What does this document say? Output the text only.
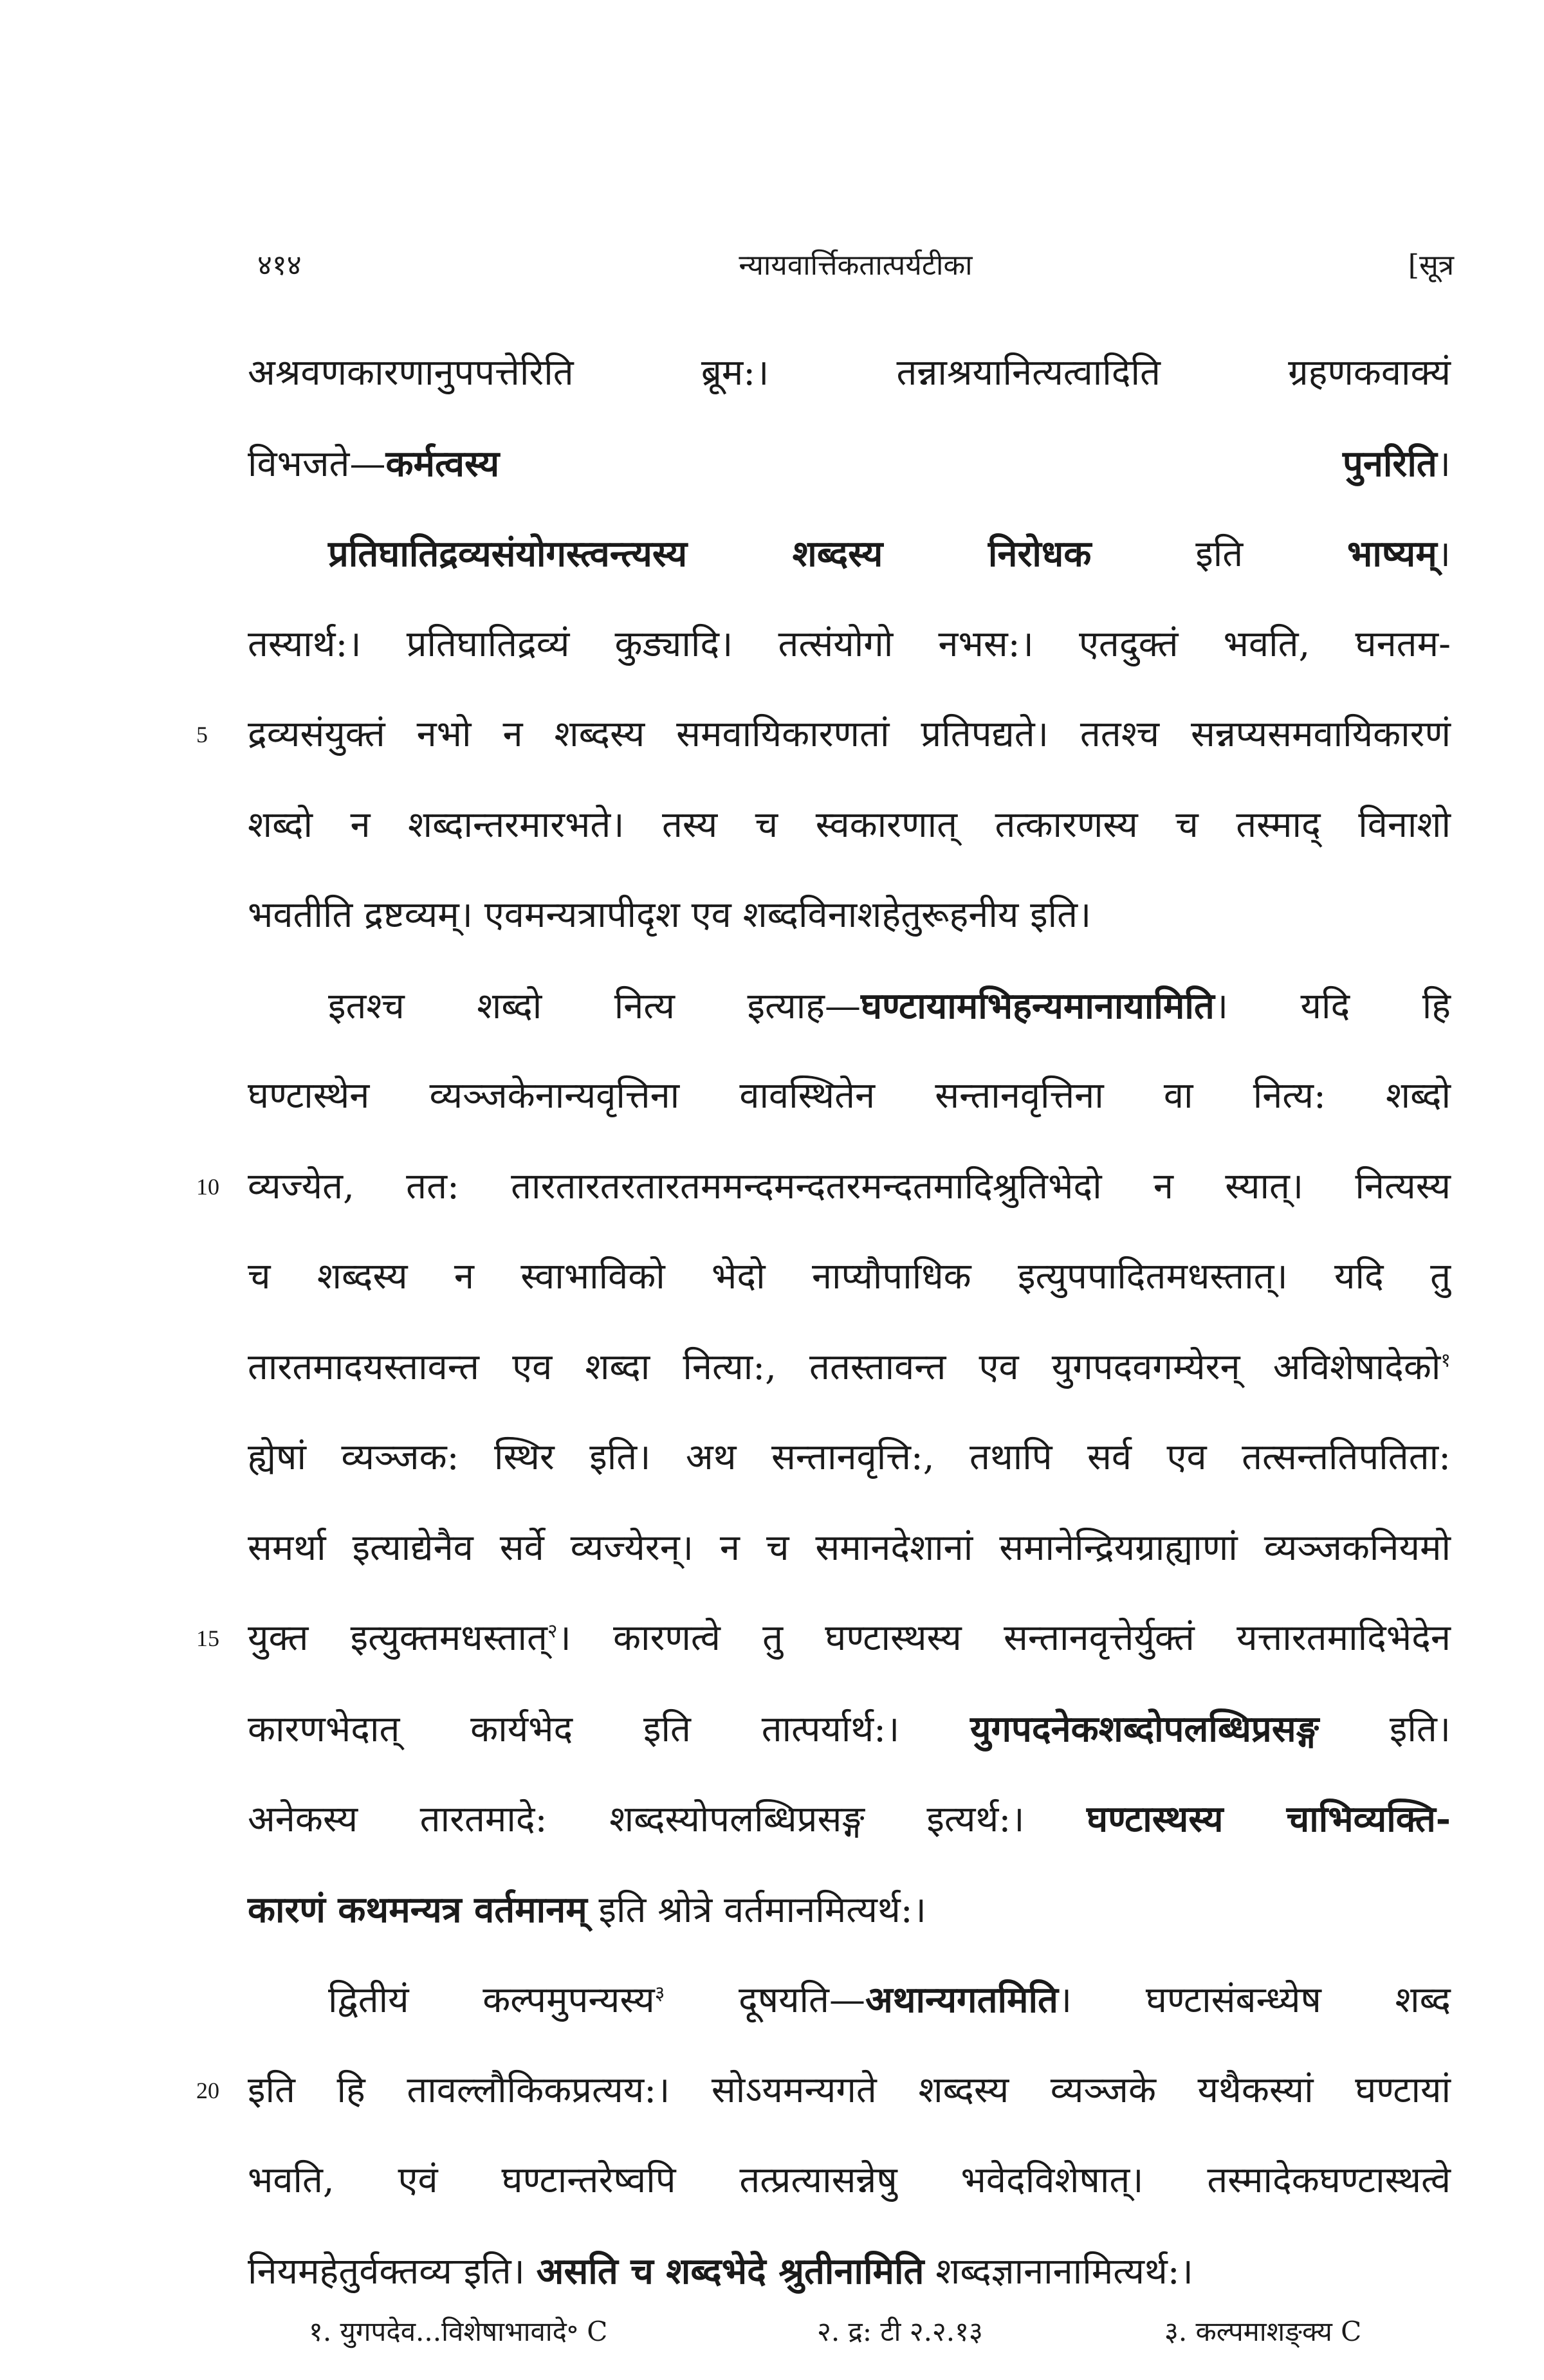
४१४	न्यायवार्त्तिकतात्पर्यटीका	[सूत्र
अश्रवणकारणानुपपत्तेरिति ब्रूम:। तन्नाश्रयानित्यत्वादिति ग्रहणकवाक्यं
विभजते—कर्मत्वस्य पुनरिति।
प्रतिघातिद्रव्यसंयोगस्त्वन्त्यस्य शब्दस्य निरोधक इति भाष्यम्।
तस्यार्थ:। प्रतिघातिद्रव्यं कुड्यादि। तत्संयोगो नभस:। एतदुक्तं भवति, घनतम-
5	द्रव्यसंयुक्तं नभो न शब्दस्य समवायिकारणतां प्रतिपद्यते। ततश्च सन्नप्यसमवायिकारणं
शब्दो न शब्दान्तरमारभते। तस्य च स्वकारणात् तत्कारणस्य च तस्माद् विनाशो
भवतीति द्रष्टव्यम्। एवमन्यत्रापीदृश एव शब्दविनाशहेतुरूहनीय इति।
इतश्च शब्दो नित्य इत्याह—घण्टायामभिहन्यमानायामिति। यदि हि
घण्टास्थेन व्यञ्जकेनान्यवृत्तिना वावस्थितेन सन्तानवृत्तिना वा नित्य: शब्दो
10 व्यज्येत, तत: तारतारतरतारतममन्दमन्दतरमन्दतमादिश्रुतिभेदो न स्यात्। नित्यस्य
च शब्दस्य न स्वाभाविको भेदो नाप्यौपाधिक इत्युपपादितमधस्तात्। यदि तु
तारतमादयस्तावन्त एव शब्दा नित्या:, ततस्तावन्त एव युगपदवगम्येरन् अविशेषादेको$^१$
ह्येषां व्यञ्जक: स्थिर इति। अथ सन्तानवृत्ति:, तथापि सर्व एव तत्सन्ततिपतिता:
समर्था इत्याद्येनैव सर्वे व्यज्येरन्। न च समानदेशानां समानेन्द्रियग्राह्याणां व्यञ्जकनियमो
15 युक्त इत्युक्तमधस्तात्$^२$। कारणत्वे तु घण्टास्थस्य सन्तानवृत्तेर्युक्तं यत्तारतमादिभेदेन
कारणभेदात् कार्यभेद इति तात्पर्यार्थ:। युगपदनेकशब्दोपलब्धिप्रसङ्ग इति।
अनेकस्य तारतमादे: शब्दस्योपलब्धिप्रसङ्ग इत्यर्थ:। घण्टास्थस्य चाभिव्यक्ति-
कारणं कथमन्यत्र वर्तमानम् इति श्रोत्रे वर्तमानमित्यर्थ:।
द्वितीयं कल्पमुपन्यस्य$^३$ दूषयति—अथान्यगतमिति। घण्टासंबन्ध्येष शब्द
20 इति हि तावल्लौकिकप्रत्यय:। सोऽयमन्यगते शब्दस्य व्यञ्जके यथैकस्यां घण्टायां
भवति, एवं घण्टान्तरेष्वपि तत्प्रत्यासन्नेषु भवेदविशेषात्। तस्मादेकघण्टास्थत्वे
नियमहेतुर्वक्तव्य इति। असति च शब्दभेदे श्रुतीनामिति शब्दज्ञानानामित्यर्थ:।
१. युगपदेव...विशेषाभावादे॰ C	२. द्र: टी २.२.१३	३. कल्पमाशङ्क्य C
